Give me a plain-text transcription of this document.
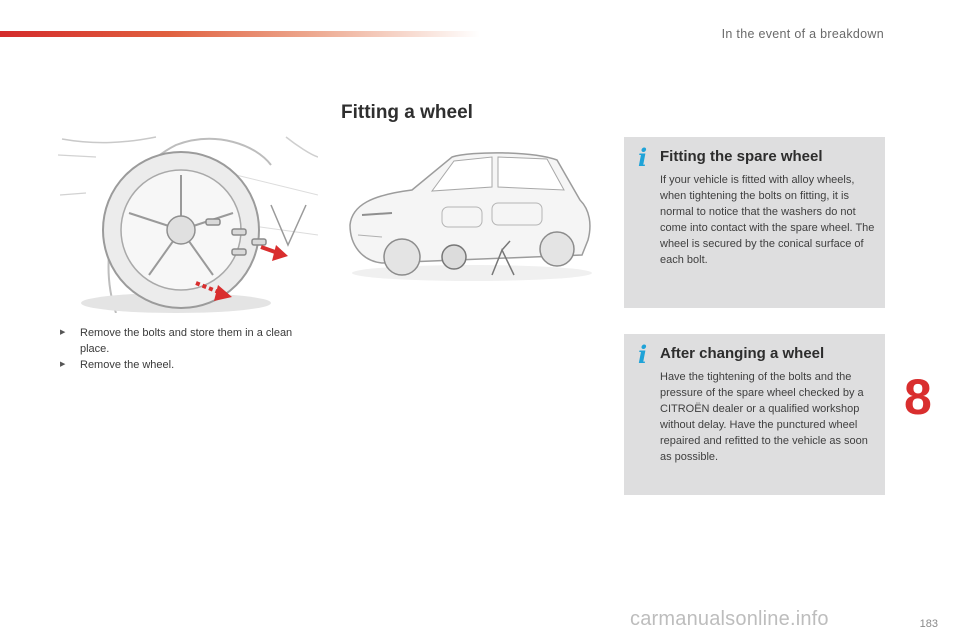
In the event of a breakdown
Fitting a wheel
▶ Remove the bolts and store them in a clean place.
▶ Remove the wheel.
i Fitting the spare wheel

If your vehicle is fitted with alloy wheels, when tightening the bolts on fitting, it is normal to notice that the washers do not come into contact with the spare wheel. The wheel is secured by the conical surface of each bolt.

i After changing a wheel

Have the tightening of the bolts and the pressure of the spare wheel checked by a CITROËN dealer or a qualified workshop without delay. Have the punctured wheel repaired and refitted to the vehicle as soon as possible.

8
183
carmanualsonline.info
